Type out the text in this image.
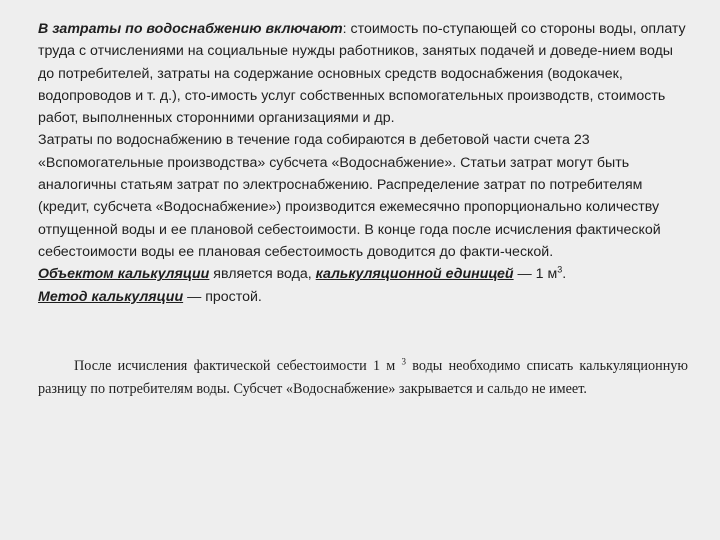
В затраты по водоснабжению включают: стоимость по-ступающей со стороны воды, оплату труда с отчислениями на социальные нужды работников, занятых подачей и доведе-нием воды до потребителей, затраты на содержание основных средств водоснабжения (водокачек, водопроводов и т. д.), сто-имость услуг собственных вспомогательных производств, стоимость работ, выполненных сторонними организациями и др.

Затраты по водоснабжению в течение года собираются в дебетовой части счета 23 «Вспомогательные производства» субсчета «Водоснабжение». Статьи затрат могут быть аналогичны статьям затрат по электроснабжению. Распределение затрат по потребителям (кредит, субсчета «Водоснабжение») производится ежемесячно пропорционально количеству отпущенной воды и ее плановой себестоимости. В конце года после исчисления фактической себестоимости воды ее плановая себестоимость доводится до факти-ческой.

Объектом калькуляции является вода, калькуляционной единицей — 1 $м^3$.

Метод калькуляции — простой.

После исчисления фактической себестоимости 1 м $^3$ воды необходимо списать калькуляционную разницу по потребителям воды. Субсчет «Водоснабжение» закрывается и сальдо не имеет.
